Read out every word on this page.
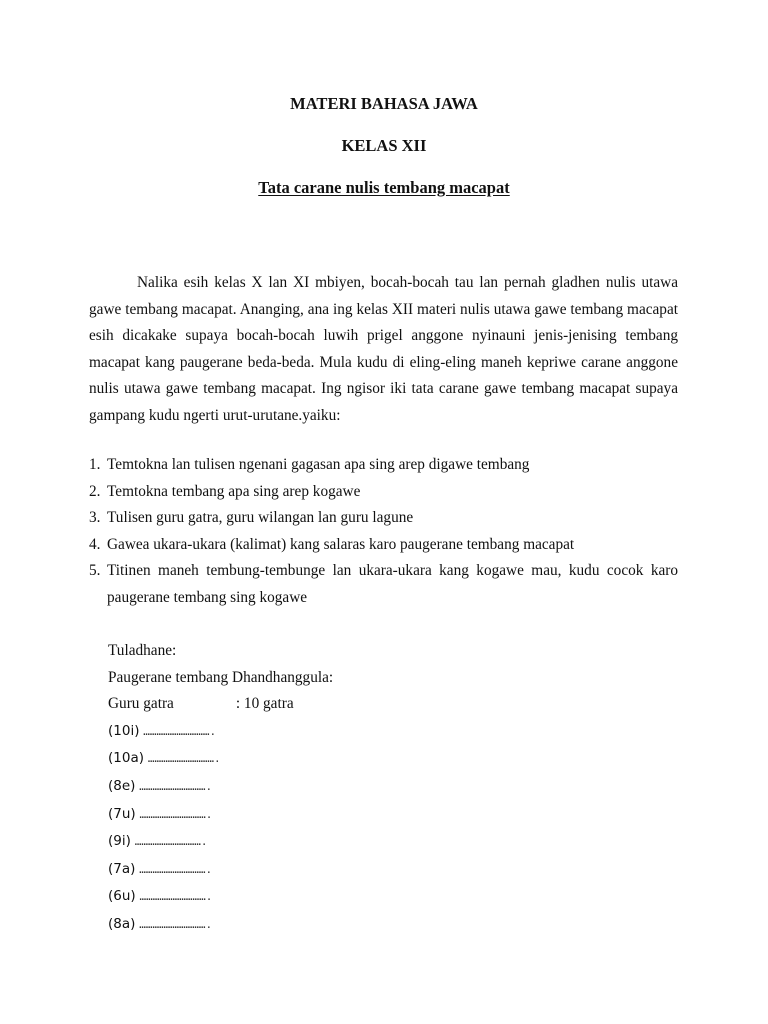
MATERI BAHASA JAWA
KELAS XII
Tata carane nulis tembang macapat

Nalika esih kelas X lan XI mbiyen, bocah-bocah tau lan pernah gladhen nulis utawa gawe tembang macapat. Ananging, ana ing kelas XII materi nulis utawa gawe tembang macapat esih dicakake supaya bocah-bocah luwih prigel anggone nyinauni jenis-jenising tembang macapat kang paugerane beda-beda. Mula kudu di eling-eling maneh kepriwe carane anggone nulis utawa gawe tembang macapat. Ing ngisor iki tata carane gawe tembang macapat supaya gampang kudu ngerti urut-urutane.yaiku:

1. Temtokna lan tulisen ngenani gagasan apa sing arep digawe tembang
2. Temtokna tembang apa sing arep kogawe
3. Tulisen guru gatra, guru wilangan lan guru lagune
4. Gawea ukara-ukara (kalimat) kang salaras karo paugerane tembang macapat
5. Titinen maneh tembung-tembunge lan ukara-ukara kang kogawe mau, kudu cocok karo paugerane tembang sing kogawe
Tuladhane:
Paugerane tembang Dhandhanggula:
Guru gatra	: 10 gatra
(10i) ………………………….
(10a) ………………………….
(8e) ………………………….
(7u) ………………………….
(9i) ………………………….
(7a) ………………………….
(6u) ………………………….
(8a) ………………………….
